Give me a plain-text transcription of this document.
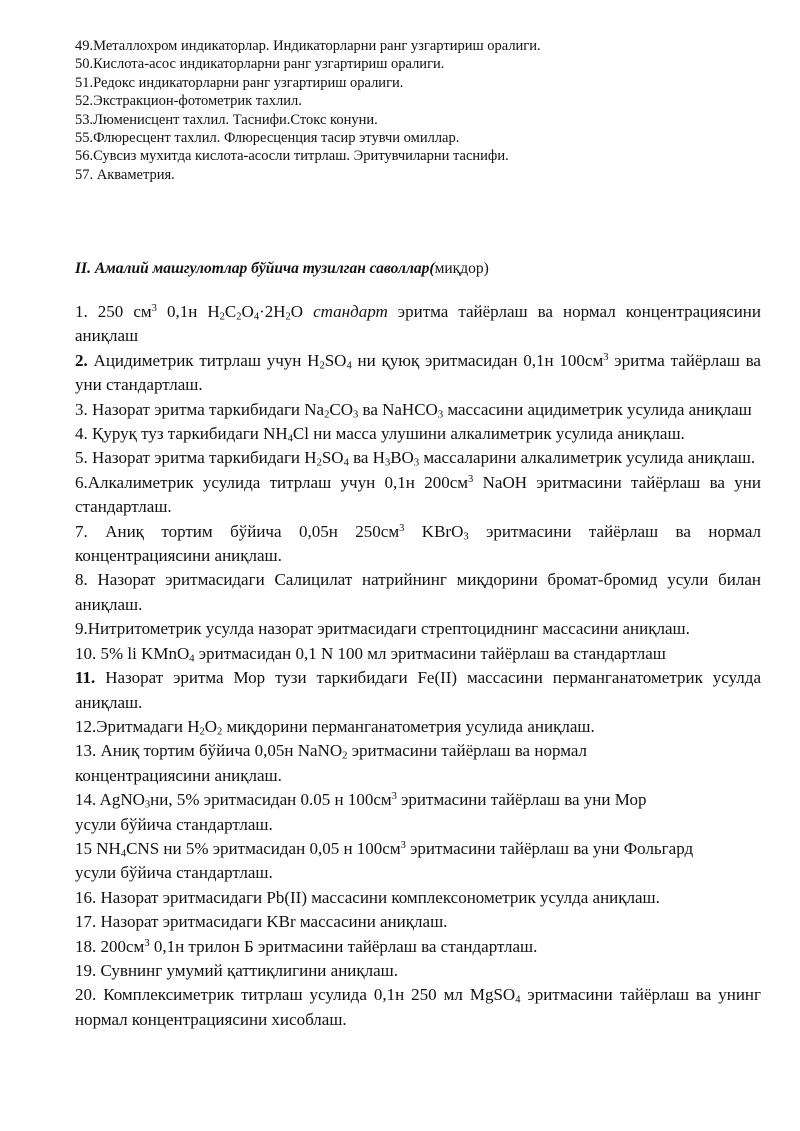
49.Металлохром индикаторлар. Индикаторларни ранг узгартириш оралиги.
50.Кислота-асос индикаторларни ранг узгартириш оралиги.
51.Редокс индикаторларни ранг узгартириш оралиги.
52.Экстракцион-фотометрик тахлил.
53.Люменисцент тахлил. Таснифи.Стокс конуни.
55.Флюресцент тахлил. Флюресценция тасир этувчи омиллар.
56.Сувсиз мухитда кислота-асосли титрлаш. Эритувчиларни таснифи.
57. Акваметрия.
II. Амалий машгулотлар бўйича тузилган саволлар(миқдор)
1. 250 $см^3$ 0,1н $H_2C_2O_4\cdot 2H_2O$ стандарт эритма тайёрлаш ва нормал концентрациясини аниқлаш
2. Ацидиметрик титрлаш учун $H_2SO_4$ ни қуюқ эритмасидан 0,1н $100см^3$ эритма тайёрлаш ва уни стандартлаш.
3. Назорат эритма таркибидаги $Na_2CO_3$ ва NaHCO$_3$ массасини ацидиметрик усулида аниқлаш
4. Қуруқ туз таркибидаги $NH_4Cl$ ни масса улушини алкалиметрик усулида аниқлаш.
5. Назорат эритма таркибидаги $H_2SO_4$ ва $H_3BO_3$ массаларини алкалиметрик усулида аниқлаш.
6.Алкалиметрик усулида титрлаш учун 0,1н $200см^3$ NaOH эритмасини тайёрлаш ва уни стандартлаш.
7. Аниқ тортим бўйича 0,05н $250см^3$ KBrO$_3$ эритмасини тайёрлаш ва нормал концентрациясини аниқлаш.
8. Назорат эритмасидаги Салицилат натрийнинг миқдорини бромат-бромид усули билан аниқлаш.
9.Нитритометрик усулда назорат эритмасидаги стрептоциднинг массасини аниқлаш.
10. 5% li KMnO$_4$ эритмасидан 0,1 N 100 мл эритмасини тайёрлаш ва стандартлаш
11. Назорат эритма Мор тузи таркибидаги Fe(II) массасини перманганатометрик усулда аниқлаш.
12.Эритмадаги $H_2O_2$ миқдорини перманганатометрия усулида аниқлаш.
13. Аниқ тортим бўйича 0,05н NaNO$_2$ эритмасини тайёрлаш ва нормал
концентрациясини аниқлаш.
14. AgNO$_3$ни, 5% эритмасидан 0.05 н $100см^3$ эритмасини тайёрлаш ва уни Мор
усули бўйича стандартлаш.
15 $NH_4CNS$ ни 5% эритмасидан 0,05 н $100см^3$ эритмасини тайёрлаш ва уни Фольгард
усули бўйича стандартлаш.
16. Назорат эритмасидаги Pb(II) массасини комплексонометрик усулда аниқлаш.
17. Назорат эритмасидаги KBr массасини аниқлаш.
18. $200см^3$ 0,1н трилон Б эритмасини тайёрлаш ва стандартлаш.
19. Сувнинг умумий қаттиқлигини аниқлаш.
20. Комплексиметрик титрлаш усулида 0,1н 250 мл MgSO$_4$ эритмасини тайёрлаш ва унинг нормал концентрациясини хисоблаш.
